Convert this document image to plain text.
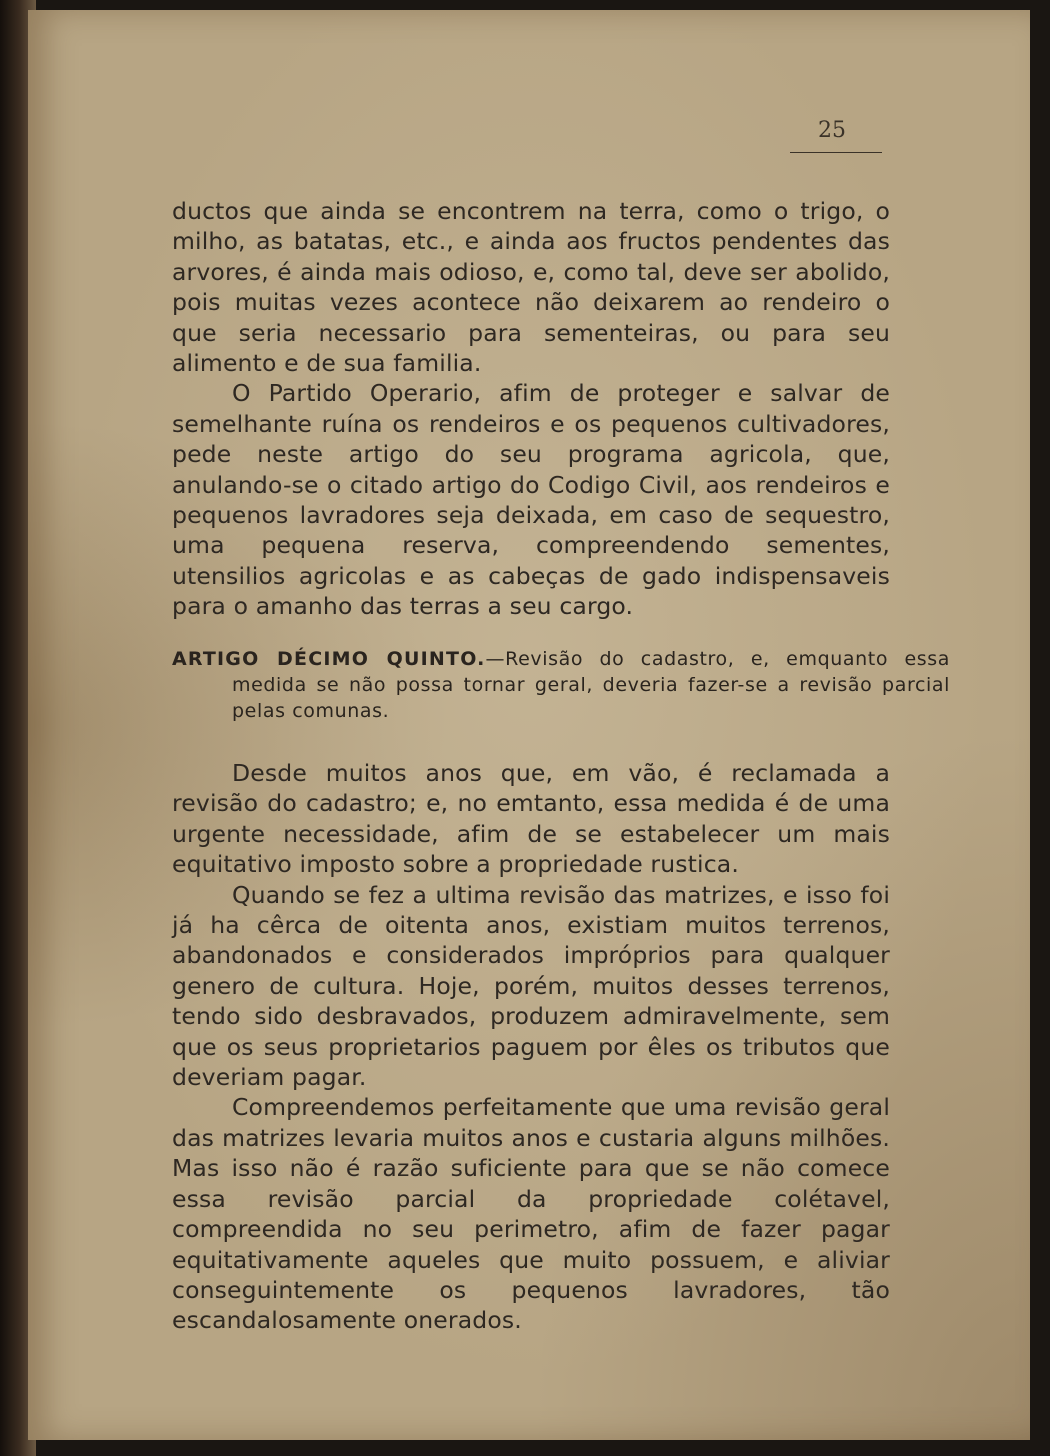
25

ductos que ainda se encontrem na terra, como o trigo, o milho, as batatas, etc., e ainda aos fructos pendentes das arvores, é ainda mais odioso, e, como tal, deve ser abolido, pois muitas vezes acontece não deixarem ao rendeiro o que seria necessario para sementeiras, ou para seu alimento e de sua familia.

O Partido Operario, afim de proteger e salvar de semelhante ruína os rendeiros e os pequenos cultivadores, pede neste artigo do seu programa agricola, que, anulando-se o citado artigo do Codigo Civil, aos rendeiros e pequenos lavradores seja deixada, em caso de sequestro, uma pequena reserva, compreendendo sementes, utensilios agricolas e as cabeças de gado indispensaveis para o amanho das terras a seu cargo.

ARTIGO DÉCIMO QUINTO.—Revisão do cadastro, e, emquanto essa medida se não possa tornar geral, deveria fazer-se a revisão parcial pelas comunas.

Desde muitos anos que, em vão, é reclamada a revisão do cadastro; e, no emtanto, essa medida é de uma urgente necessidade, afim de se estabelecer um mais equitativo imposto sobre a propriedade rustica.

Quando se fez a ultima revisão das matrizes, e isso foi já ha cêrca de oitenta anos, existiam muitos terrenos, abandonados e considerados impróprios para qualquer genero de cultura. Hoje, porém, muitos desses terrenos, tendo sido desbravados, produzem admiravelmente, sem que os seus proprietarios paguem por êles os tributos que deveriam pagar.

Compreendemos perfeitamente que uma revisão geral das matrizes levaria muitos anos e custaria alguns milhões. Mas isso não é razão suficiente para que se não comece essa revisão parcial da propriedade colétavel, compreendida no seu perimetro, afim de fazer pagar equitativamente aqueles que muito possuem, e aliviar conseguintemente os pequenos lavradores, tão escandalosamente onerados.
